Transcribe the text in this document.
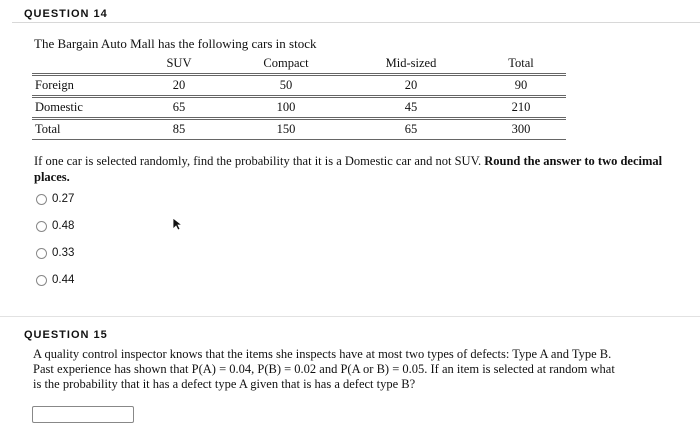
QUESTION 14
The Bargain Auto Mall has the following cars in stock
	SUV	Compact	Mid-sized	Total
Foreign	20	50	20	90
Domestic	65	100	45	210
Total	85	150	65	300
If one car is selected randomly, find the probability that it is a Domestic car and not SUV. Round the answer to two decimal places.
0.27
0.48
0.33
0.44
QUESTION 15
A quality control inspector knows that the items she inspects have at most two types of defects: Type A and Type B.
Past experience has shown that P(A) = 0.04, P(B) = 0.02 and P(A or B) = 0.05. If an item is selected at random what
is the probability that it has a defect type A given that is has a defect type B?
